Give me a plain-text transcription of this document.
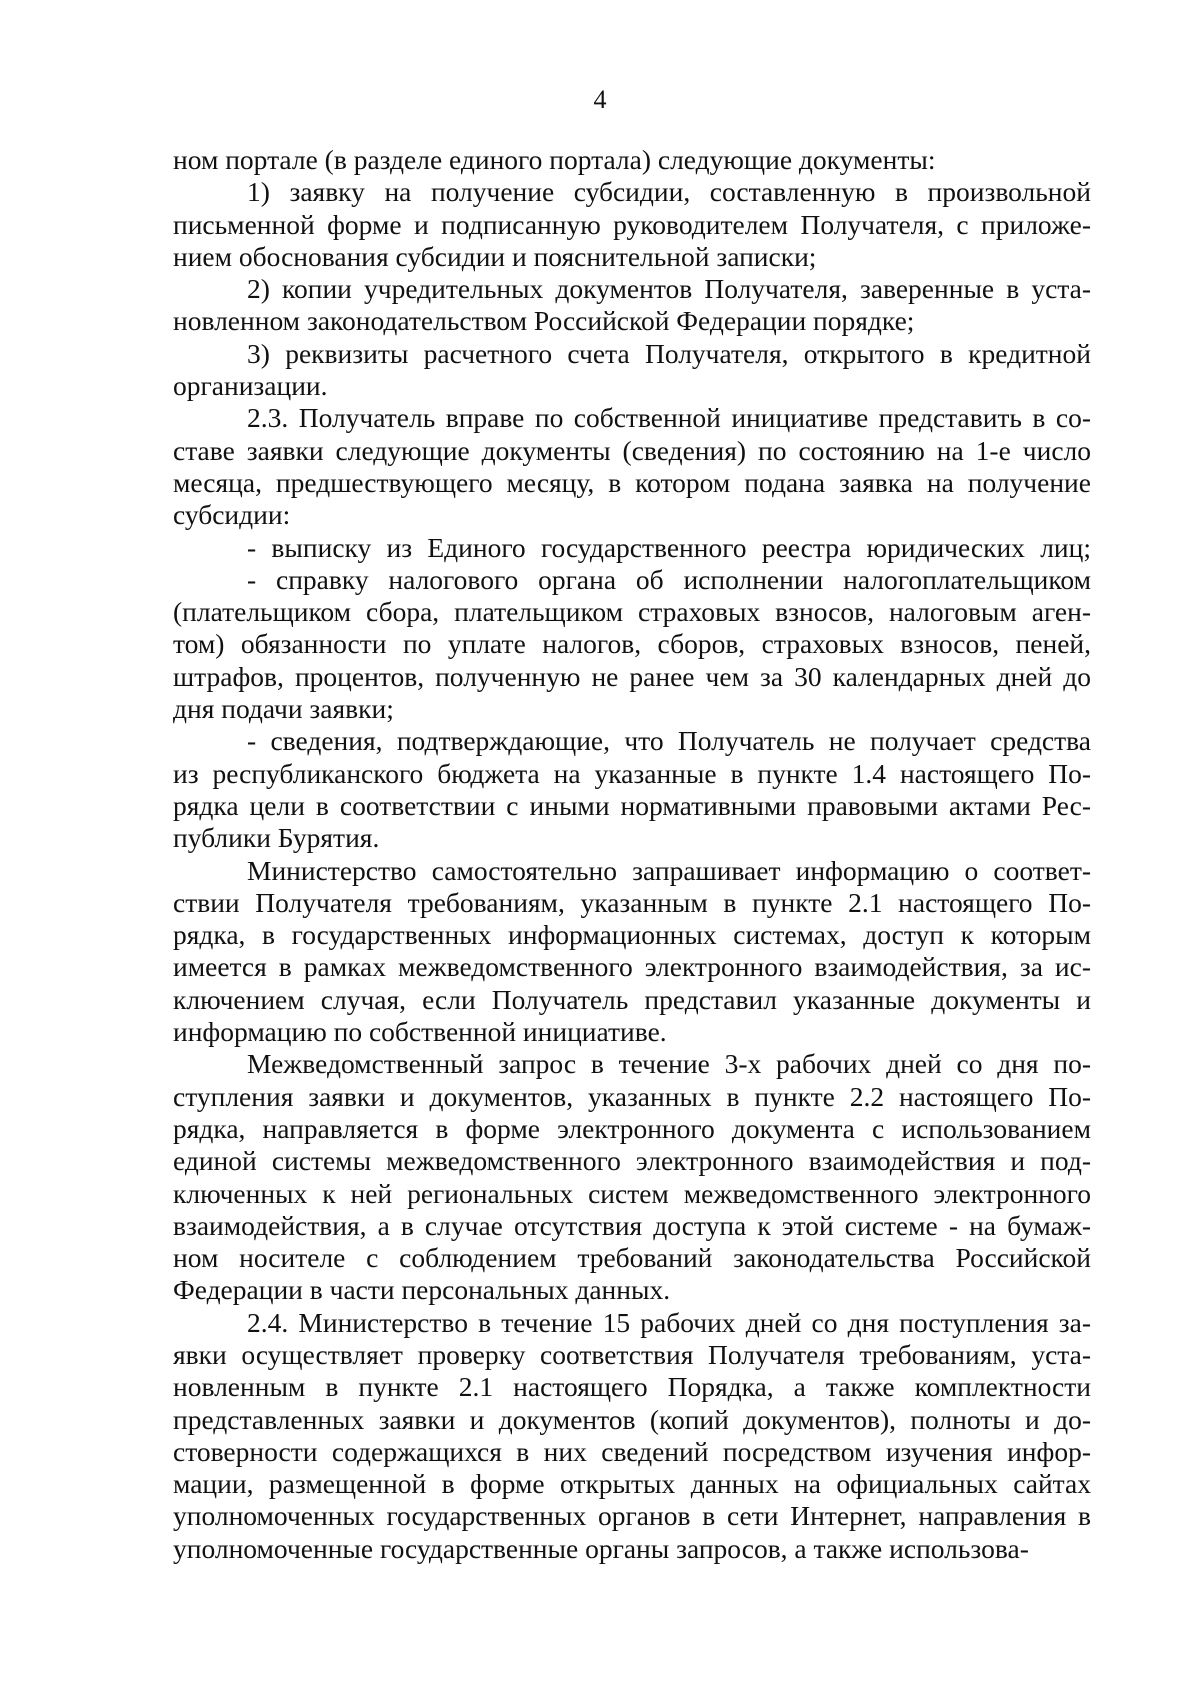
4

ном портале (в разделе единого портала) следующие документы:

1) заявку на получение субсидии, составленную в произвольной

письменной форме и подписанную руководителем Получателя, с приложе-

нием обоснования субсидии и пояснительной записки;

2) копии учредительных документов Получателя, заверенные в уста-

новленном законодательством Российской Федерации порядке;

3) реквизиты расчетного счета Получателя, открытого в кредитной

организации.

2.3. Получатель вправе по собственной инициативе представить в со-

ставе заявки следующие документы (сведения) по состоянию на 1-е число

месяца, предшествующего месяцу, в котором подана заявка на получение

субсидии:

- выписку из Единого государственного реестра юридических лиц;

- справку налогового органа об исполнении налогоплательщиком

(плательщиком сбора, плательщиком страховых взносов, налоговым аген-

том) обязанности по уплате налогов, сборов, страховых взносов, пеней,

штрафов, процентов, полученную не ранее чем за 30 календарных дней до

дня подачи заявки;

- сведения, подтверждающие, что Получатель не получает средства

из республиканского бюджета на указанные в пункте 1.4 настоящего По-

рядка цели в соответствии с иными нормативными правовыми актами Рес-

публики Бурятия.

Министерство самостоятельно запрашивает информацию о соответ-

ствии Получателя требованиям, указанным в пункте 2.1 настоящего По-

рядка, в государственных информационных системах, доступ к которым

имеется в рамках межведомственного электронного взаимодействия, за ис-

ключением случая, если Получатель представил указанные документы и

информацию по собственной инициативе.

Межведомственный запрос в течение 3-х рабочих дней со дня по-

ступления заявки и документов, указанных в пункте 2.2 настоящего По-

рядка, направляется в форме электронного документа с использованием

единой системы межведомственного электронного взаимодействия и под-

ключенных к ней региональных систем межведомственного электронного

взаимодействия, а в случае отсутствия доступа к этой системе - на бумаж-

ном носителе с соблюдением требований законодательства Российской

Федерации в части персональных данных.

2.4. Министерство в течение 15 рабочих дней со дня поступления за-

явки осуществляет проверку соответствия Получателя требованиям, уста-

новленным в пункте 2.1 настоящего Порядка, а также комплектности

представленных заявки и документов (копий документов), полноты и до-

стоверности содержащихся в них сведений посредством изучения инфор-

мации, размещенной в форме открытых данных на официальных сайтах

уполномоченных государственных органов в сети Интернет, направления в

уполномоченные государственные органы запросов, а также использова-
